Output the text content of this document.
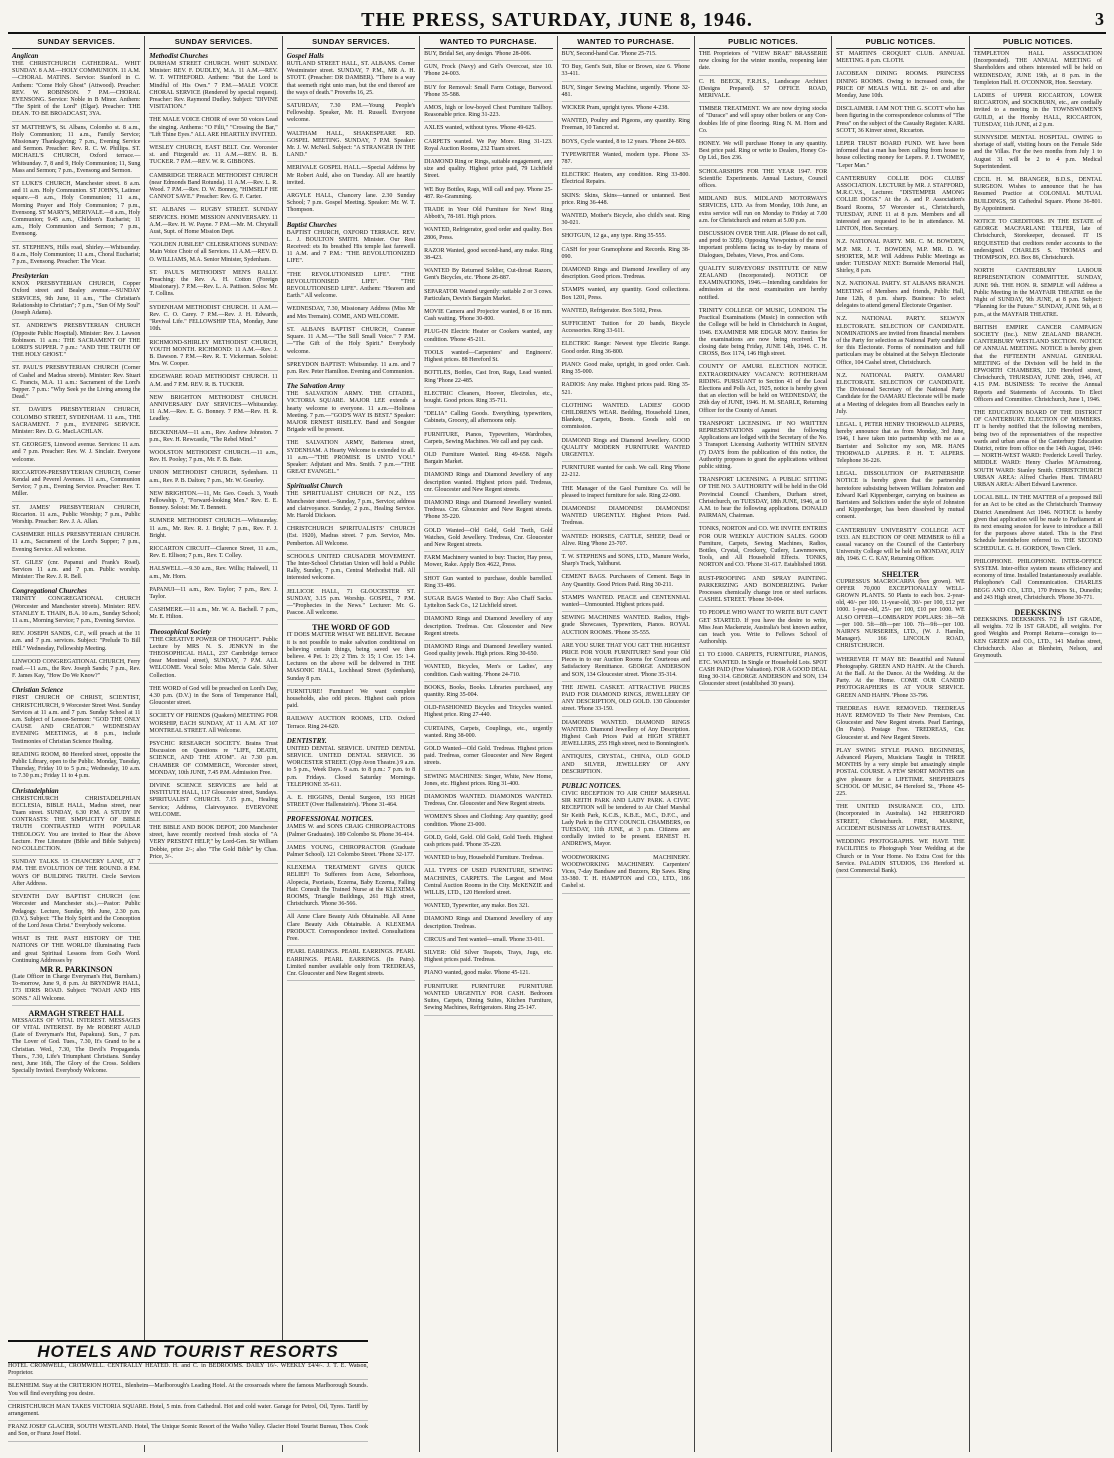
THE PRESS, SATURDAY, JUNE 8, 1946.	3
SUNDAY SERVICES.
Anglican
THE CHRISTCHURCH CATHEDRAL. WHIT SUNDAY. 8 A.M.—HOLY COMMUNION. 11 A.M.—CHORAL MATINS. Service: Stanford in C. Anthem: "Come Holy Ghost" (Attwood). Preacher: REV. W. ROBINSON. 7 P.M.—CHORAL EVENSONG. Service: Noble in B Minor. Anthem: "The Spirit of the Lord" (Elgar). Preacher: THE DEAN. TO BE BROADCAST, 3YA.
ST MATTHEW'S, St. Albans, Colombo st. 8 a.m., Holy Communion; 11 a.m., Family Service; Missionary Thanksgiving; 7 p.m., Evening Service and Sermon. Preacher: Rev. R. C. W. Phillips. ST. MICHAEL'S CHURCH, Oxford terrace.—Whitsunday. 7, 8 and 9, Holy Communion; 11, Sung Mass and Sermon; 7 p.m., Evensong and Sermon.
ST LUKE'S CHURCH, Manchester street. 8 a.m. and 11 a.m. Holy Communion. ST JOHN'S, Latimer square.—8 a.m., Holy Communion; 11 a.m., Morning Prayer and Holy Communion; 7 p.m., Evensong. ST MARY'S, MERIVALE.—8 a.m., Holy Communion; 9.45 a.m., Children's Eucharist; 11 a.m., Holy Communion and Sermon; 7 p.m., Evensong.
ST. STEPHEN'S, Hills road, Shirley.—Whitsunday. 8 a.m., Holy Communion; 11 a.m., Choral Eucharist; 7 p.m., Evensong. Preacher: The Vicar.
Presbyterian
KNOX PRESBYTERIAN CHURCH, Copper Oxford street and Bealey avenue.—SUNDAY SERVICES, 9th June, 11 a.m., "The Christian's Relationship to Christian"; 7 p.m., "Sun Of My Soul" (Joseph Adams).
ST. ANDREW'S PRESBYTERIAN CHURCH (Opposite Public Hospital). Minister: Rev. J. Lawson Robinson. 11 a.m.: THE SACRAMENT OF THE LORD'S SUPPER. 7 p.m.: "AND THE TRUTH OF THE HOLY GHOST."
ST. PAUL'S PRESBYTERIAN CHURCH (Corner of Cashel and Madras streets). Minister: Rev. Stuart C. Francis, M.A. 11 a.m.: Sacrament of the Lord's Supper. 7 p.m.: "Why Seek ye the Living among the Dead."
ST. DAVID'S PRESBYTERIAN CHURCH, COLOMBO STREET, SYDENHAM. 11 a.m., THE SACRAMENT. 7 p.m., EVENING SERVICE. Minister: Rev. D. G. MacLACHLAN.
ST. GEORGE'S, Linwood avenue. Services: 11 a.m. and 7 p.m. Preacher: Rev. W. J. Sinclair. Everyone welcome.
RICCARTON-PRESBYTERIAN CHURCH, Corner Kendal and Peverel Avenues. 11 a.m., Communion Service; 7 p.m., Evening Service. Preacher: Rev. T. Miller.
ST. JAMES' PRESBYTERIAN CHURCH, Riccarton. 11 a.m., Public Worship; 7 p.m., Public Worship. Preacher: Rev. J. A. Allan.
CASHMERE HILLS PRESBYTERIAN CHURCH. 11 a.m., Sacrament of the Lord's Supper; 7 p.m., Evening Service. All welcome.
ST. GILES' (cnr. Papanui and Frank's Road). Services 11 a.m. and 7 p.m. Public worship. Minister: The Rev. J. R. Bell.
Congregational Churches
TRINITY CONGREGATIONAL CHURCH (Worcester and Manchester streets). Minister: REV. STANLEY E. THAIN, B.A. 10 a.m., Sunday School; 11 a.m., Morning Service; 7 p.m., Evening Service.
REV. JOSEPH SANDS, C.F., will preach at the 11 a.m. and 7 p.m. services. Subject: "Prelude To Bill Hill." Wednesday, Fellowship Meeting.
LINWOOD CONGREGATIONAL CHURCH, Ferry road.—11 a.m., the Rev. Joseph Sands; 7 p.m., Rev. F. James Kay, "How Do We Know?"
Christian Science
FIRST CHURCH OF CHRIST, SCIENTIST, CHRISTCHURCH, 9 Worcester Street West. Sunday Services at 11 a.m. and 7 p.m. Sunday School at 11 a.m. Subject of Lesson-Sermon: "GOD THE ONLY CAUSE AND CREATOR." WEDNESDAY EVENING MEETINGS, at 8 p.m., include Testimonies of Christian Science Healing.
READING ROOM, 80 Hereford street, opposite the Public Library, open to the Public. Monday, Tuesday, Thursday, Friday 10 to 5 p.m.; Wednesday, 10 a.m. to 7.30 p.m.; Friday 11 to 4 p.m.
Christadelphian
CHRISTCHURCH CHRISTADELPHIAN ECCLESIA, BIBLE HALL, Madras street, near Tuam street. SUNDAY, 6.30 P.M. A STUDY IN CONTRASTS: THE SIMPLICITY OF BIBLE TRUTH CONTRASTED WITH POPULAR THEOLOGY. You are invited to Hear the Above Lecture. Free Literature (Bible and Bible Subjects) NO COLLECTION.
SUNDAY TALKS. 15 CHANCERY LANE, AT 7 P.M. THE EVOLUTION OF THE ROUND. 8 P.M. WAYS OF BUILDING TRUTH. Circle Services After Address.
SEVENTH DAY BAPTIST CHURCH (cnr. Worcester and Manchester sts.).—Pastor: Public Pedagogy. Lecture, Sunday, 9th June, 2.30 p.m. (D.V.). Subject: "The Holy Spirit and the Conception of the Lord Jesus Christ." Everybody welcome.
WHAT IS THE PAST HISTORY OF THE NATIONS OF THE WORLD? Illuminating Facts and great Spiritual Lessons from God's Word. Continuing Addresses by
MR R. PARKINSON
(Late Officer in Charge Everyman's Hut, Burnham.) To-morrow, June 9, 8 p.m. At BRYNDWR HALL, 173 IDRIS ROAD. Subject: "NOAH AND HIS SONS." All Welcome.
ARMAGH STREET HALL
MESSAGES OF VITAL INTEREST. MESSAGES OF VITAL INTEREST. By Mr ROBERT AULD (Late of Everyman's Hut, Papakura). Sun., 7 p.m. The Lover of God. Tues., 7.30, It's Grand to be a Christian. Wed., 7.30, The Devil's Propaganda. Thurs., 7.30, Life's Triumphant Christians. Sunday next, June 16th, The Glory of the Cross. Soldiers Specially Invited. Everybody Welcome.
SUNDAY SERVICES.
Methodist Churches
DURHAM STREET CHURCH. WHIT SUNDAY. Minister: REV. F. DUDLEY, M.A. 11 A.M.—REV. W. T. WITHEFORD. Anthem: "But the Lord is Mindful of His Own." 7 P.M.—MALE VOICE CHORAL SERVICE (Rendered by special request). Preacher: Rev. Raymond Dudley. Subject: "DIVINE VISITATION."
THE MALE VOICE CHOIR of over 50 voices Lead the singing. Anthems: "O Filii," "Crossing the Bar," "Lift Thine Eyes." ALL ARE HEARTILY INVITED.
WESLEY CHURCH, EAST BELT. Cnr. Worcester st. and Fitzgerald av. 11 A.M.—REV. R. B. TUCKER. 7 P.M.—REV. W. R. GIBBONS.
CAMBRIDGE TERRACE METHODIST CHURCH (near Edmonds Band Rotunda). 11 A.M.—Rev. L. R. Wood. 7 P.M.—Rev. D. W. Bonney, "HIMSELF HE CANNOT SAVE." Preacher: Rev. G. F. Carter.
ST. ALBANS — RUGBY STREET. SUNDAY SERVICES. HOME MISSION ANNIVERSARY. 11 A.M.—Rev. H. W. Payne. 7 P.M.—Mr. M. Chrystall Aust, Supt. of Home Mission Dept.
"GOLDEN JUBILEE" CELEBRATIONS SUNDAY: Main Voice Choir of all Services. 11 A.M.—REV. D. O. WILLIAMS, M.A. Senior Minister, Sydenham.
ST. PAUL'S METHODIST MEN'S RALLY. Preaching: the Rev. A. H. Cotton (Foreign Missionary). 7 P.M.—Rev. L. A. Pattison. Solos: Mr. T. Collins.
SYDENHAM METHODIST CHURCH. 11 A.M.—Rev. C. O. Carey. 7 P.M.—Rev. J. H. Edwards, "Revival Life." FELLOWSHIP TEA, Monday, June 10th.
RICHMOND-SHIRLEY METHODIST CHURCH, YOUTH MONTH. RICHMOND: 11 A.M.—Rev. J. B. Dawson. 7 P.M.—Rev. R. T. Vickerman. Soloist: Mrs. W. Cooper.
EDGEWARE ROAD METHODIST CHURCH. 11 A.M. and 7 P.M. REV. R. B. TUCKER.
NEW BRIGHTON METHODIST CHURCH. ANNIVERSARY DAY SERVICES—Whitsunday. 11 A.M.—Rev. E. G. Bonney. 7 P.M.—Rev. H. R. Leadley.
BECKENHAM—11 a.m., Rev. Andrew Johnston. 7 p.m., Rev. H. Rewcastle, "The Rebel Mind."
WOOLSTON METHODIST CHURCH.—11 a.m., Rev. H. Pooley; 7 p.m., Mr. F. B. Bate.
UNION METHODIST CHURCH, Sydenham. 11 a.m., Rev. P. B. Dalton; 7 p.m., Mr. W. Gourley.
NEW BRIGHTON.—11, Mr. Geo. Couch. 3, Youth Fellowship. 7, "Forward-looking Men." Rev. E. E. Bonney. Soloist: Mr. T. Bennett.
SUMNER METHODIST CHURCH.—Whitsunday. 11 a.m., Mr. Rev. R. J. Bright; 7 p.m., Rev. F. J. Bright.
RICCARTON CIRCUIT—Clarence Street, 11 a.m., Rev. E. Ellison; 7 p.m., Rev. T. Colley.
HALSWELL.—9.30 a.m., Rev. Willis; Halswell, 11 a.m., Mr. Horn.
PAPANUI—11 a.m., Rev. Taylor; 7 p.m., Rev. J. Taylor.
CASHMERE.—11 a.m., Mr. W. A. Bachell. 7 p.m., Mr. E. Hilton.
Theosophical Society
"THE CREATIVE POWER OF THOUGHT". Public Lecture by MRS N. S. JENKYN in the THEOSOPHICAL HALL, 237 Cambridge terrace (near Montreal street), SUNDAY, 7 P.M. ALL WELCOME. Vocal Solo: Miss Mercia Gale. Silver Collection.
THE WORD of God will be preached on Lord's Day, 4.30 p.m. (D.V.) in the Sons of Temperance Hall, Gloucester street.
SOCIETY OF FRIENDS (Quakers) MEETING FOR WORSHIP, EACH SUNDAY, AT 11 A.M. AT 107 MONTREAL STREET. All Welcome.
PSYCHIC RESEARCH SOCIETY. Brains Trust Discussion on Questions re "LIFE, DEATH, SCIENCE, AND THE ATOM". At 7.30 p.m. CHAMBER OF COMMERCE, Worcester street, MONDAY, 10th JUNE, 7.45 P.M. Admission Free.
DIVINE SCIENCE SERVICES are held at INSTITUTE HALL, 117 Gloucester street, Sundays. SPIRITUALIST CHURCH. 7.15 p.m., Healing Service; Address, Clairvoyance. EVERYONE WELCOME.
THE BIBLE AND BOOK DEPOT, 200 Manchester street, have recently received fresh stocks of "A VERY PRESENT HELP," by Lord-Gen. Sir William Dobbie, price 2/-; also "The Gold Bible" by Chas. Price, 3/-.
SUNDAY SERVICES.
Gospel Halls
RUTLAND STREET HALL, ST. ALBANS. Corner Westminster street. SUNDAY, 7 P.M., MR A. H. STOTT. (Preacher: DR DAMBER). "There is a way that seemeth right unto man, but the end thereof are the ways of death." Proverbs 16, 25.
SATURDAY, 7.30 P.M.—Young People's Fellowship. Speaker, Mr. H. Russell. Everyone welcome.
WALTHAM HALL, SHAKESPEARE RD. GOSPEL MEETING. SUNDAY, 7 P.M. Speaker: Mr. J. W. McNeil. Subject: "A STRANGER IN THE LAND."
MERIVALE GOSPEL HALL.—Special Address by Mr Robert Auld, also on Tuesday. All are heartily invited.
ARGYLE HALL, Chancery lane. 2.30 Sunday School; 7 p.m. Gospel Meeting. Speaker: Mr. W. T. Thompson.
Baptist Churches
BAPTIST CHURCH, OXFORD TERRACE. REV. L. J. BOULTON SMITH. Minister. Our Rest Received: ets Its breathed His temple last farewell. 11 A.M. and 7 P.M.: "THE REVOLUTIONIZED LIFE".
"THE REVOLUTIONISED LIFE". "THE REVOLUTIONISED LIFE". "THE REVOLUTIONISED LIFE". Anthem: "Heaven and Earth." All welcome.
WEDNESDAY, 7.30, Missionary Address (Miss Mr and Mrs Tremain). COME, AND WELCOME.
ST. ALBANS BAPTIST CHURCH, Cranmer Square. 11 A.M.—"The Still Small Voice." 7 P.M.—"The Gift of the Holy Spirit." Everybody welcome.
SPREYDON BAPTIST: Whitsunday. 11 a.m. and 7 p.m. Rev. Peter Hamilton. Evening and Communion.
The Salvation Army
THE SALVATION ARMY. THE CITADEL, VICTORIA SQUARE. MAJOR LEE extends a hearty welcome to everyone. 11 a.m.—Holiness Meeting. 7 p.m.—"GOD'S WAY IS BEST." Speaker: MAJOR ERNEST RISELEY. Band and Songster Brigade will be present.
THE SALVATION ARMY, Battersea street, SYDENHAM. A Hearty Welcome is extended to all. 11 a.m.—"THE PROMISE IS UNTO YOU." Speaker: Adjutant and Mrs. Smith. 7 p.m.—"THE GREAT EVANGEL."
Spiritualist Church
THE SPIRITUALIST CHURCH OF N.Z., 155 Manchester street.—Sunday, 7 p.m., Service; address and clairvoyance. Sunday, 2 p.m., Healing Service. Mr. Harold Dickson.
CHRISTCHURCH SPIRITUALISTS' CHURCH (Est. 1920), Madras street. 7 p.m. Service, Mrs. Pemberton. All Welcome.
SCHOOLS UNITED CRUSADER MOVEMENT. The Inter-School Christian Union will hold a Public Rally, Sunday, 7 p.m., Central Methodist Hall. All interested welcome.
JELLICOE HALL, 71 GLOUCESTER ST. SUNDAY, 3.15 p.m. Worship. GOSPEL, 7 P.M.—"Prophecies in the News." Lecturer: Mr. G. Pascoe. All welcome.
THE WORD OF GOD
IT DOES MATTER WHAT WE BELIEVE. Because it is not possible to make salvation conditional on believing certain things, being saved we then believe. 4 Pet. 1: 23; 2 Tim. 3: 15; 1 Cor. 15: 1-4. Lectures on the above will be delivered in THE MASONIC HALL, Lochhead Street (Sydenham), Sunday 8 p.m.
FURNITURE! Furniture! We want complete households, also odd pieces. Highest cash prices paid.
RAILWAY AUCTION ROOMS, LTD. Oxford Terrace. Ring 24-620.
DENTISTRY.
UNITED DENTAL SERVICE. UNITED DENTAL SERVICE. UNITED DENTAL SERVICE. 36 WORCESTER STREET. (Opp Avon Theatre.) 9 a.m. to 5 p.m., Week Days. 9 a.m. to 8 p.m.: 7 p.m. to 8 p.m. Fridays. Closed Saturday Mornings. TELEPHONE 35-611.
A. E. HIGGINS, Dental Surgeon, 193 HIGH STREET (Over Hallenstein's). 'Phone 31-464.
PROFESSIONAL NOTICES.
JAMES W. and SONS CRAIG CHIROPRACTORS (Palmer Graduates). 189 Colombo St. Phone 36-414.
JAMES YOUNG, CHIROPRACTOR (Graduate Palmer School). 121 Colombo Street. 'Phone 32-177.
KLEXEMA TREATMENT GIVES QUICK RELIEF! To Sufferers from Acne, Seborrhoea, Alopecia, Psoriasis, Eczema, Baby Eczema, Falling Hair. Consult the Trained Nurse at the KLEXEMA ROOMS, Triangle Buildings, 261 High street, Christchurch. 'Phone 36-566.
All Anne Clare Beauty Aids Obtainable. All Anne Clare Beauty Aids Obtainable. A KLEXEMA PRODUCT. Correspondence invited. Consultations Free.
PEARL EARRINGS. PEARL EARRINGS. PEARL EARRINGS. PEARL EARRINGS. (In Pairs). Limited number available only from TREDREAS, Cnr. Gloucester and New Regent streets.
WANTED TO PURCHASE.
BUY, Bridal Set, any design. 'Phone 28-006.
GUN, Frock (Navy) and Girl's Overcoat, size 10. 'Phone 24-003.
BUY for Removal: Small Farm Cottage, Burwood. 'Phone 35-588.
AMOS, high or low-boyed Chest Furniture Tallboy. Reasonable price. Ring 31-223.
AXLES wanted, without tyres. 'Phone 49-625.
CARPETS wanted. We Pay More. Ring 31-123. Royal Auction Rooms, 232 Tuam street.
DIAMOND Ring or Rings, suitable engagement, any size and quality. Highest price paid, 79 Lichfield Street.
WE Buy Bottles, Rags, Will call and pay. 'Phone 25-487. Re-Gramming.
TRADE in Your Old Furniture for New! Ring Abbott's, 78-181. High prices.
WANTED, Refrigerator, good order and quality. Box 2806, Press.
RAZOR Wanted, good second-hand, any make. Ring 38-423.
WANTED By Returned Soldier, Cut-throat Razors, Gent's Bicycles, etc. 'Phone 26-887.
SEPARATOR Wanted urgently: suitable 2 or 3 cows. Particulars, Devin's Bargain Market.
MOVIE Camera and Projector wanted, 8 or 16 mm. Cash waiting. 'Phone 30-800.
PLUG-IN Electric Heater or Cookers wanted, any condition. 'Phone 45-211.
TOOLS wanted—Carpenters' and Engineers'. Highest prices. 88 Hereford St.
BOTTLES, Bottles, Cast Iron, Rags, Lead wanted. Ring 'Phone 22-485.
ELECTRIC Cleaners, Hoover, Electrolux, etc., bought. Good prices. Ring 35-711.
"DELIA" Calling Goods. Everything, typewriters, Cabinets, Grocery, all afternoons only.
FURNITURE, Pianos, Typewriters, Wardrobes, Carpets, Sewing Machines. We call and pay cash.
OLD Furniture Wanted. Ring 49-658. Nigel's Bargain Market.
DIAMOND Rings and Diamond Jewellery of any description wanted. Highest prices paid. Tredreas, cnr. Gloucester and New Regent streets.
DIAMOND Rings and Diamond Jewellery wanted. Tredreas. Cnr. Gloucester and New Regent streets. 'Phone 35-220.
GOLD Wanted—Old Gold, Gold Teeth, Gold Watches, Gold Jewellery. Tredreas, Cnr. Gloucester and New Regent streets.
FARM Machinery wanted to buy: Tractor, Hay press, Mower, Rake. Apply Box 4622, Press.
SHOT Gun wanted to purchase, double barrelled. Ring 33-486.
SUGAR BAGS Wanted to Buy: Also Chaff Sacks. Lyttelton Sack Co., 12 Lichfield street.
DIAMOND Rings and Diamond Jewellery of any description. Tredreas. Cnr. Gloucester and New Regent streets.
DIAMOND Rings and Diamond Jewellery wanted. Good quality jewels. High prices. Ring 30-650.
WANTED, Bicycles, Men's or Ladies', any condition. Cash waiting. 'Phone 24-710.
BOOKS, Books, Books. Libraries purchased, any quantity. Ring 35-004.
OLD-FASHIONED Bicycles and Tricycles wanted. Highest price. Ring 27-440.
CURTAINS, Carpets, Couplings, etc., urgently wanted. Ring 38-000.
GOLD Wanted—Old Gold. Tredreas. Highest prices paid. Tredreas, corner Gloucester and New Regent streets.
SEWING MACHINES: Singer, White, New Home, Jones, etc. Highest prices. Ring 31-400.
DIAMONDS WANTED. DIAMONDS WANTED. Tredreas, Cnr. Gloucester and New Regent streets.
WOMEN'S Shoes and Clothing: Any quantity; good condition. 'Phone 23-000.
GOLD, Gold, Gold. Old Gold, Gold Teeth. Highest cash prices paid. 'Phone 35-220.
WANTED to buy, Household Furniture. Tredreas.
ALL TYPES OF USED FURNITURE, SEWING MACHINES, CARPETS. The Largest and Most Central Auction Rooms in the City. McKENZIE and WILLIS, LTD., 120 Hereford street.
WANTED, Typewriter, any make. Box 321.
DIAMOND Rings and Diamond Jewellery of any description. Tredreas.
CIRCUS and Tent wanted—small. 'Phone 33-011.
SILVER: Old Silver Teapots, Trays, Jugs, etc. Highest prices paid. Tredreas.
PIANO wanted, good make. 'Phone 45-121.
FURNITURE FURNITURE FURNITURE WANTED URGENTLY FOR CASH. Bedroom Suites, Carpets, Dining Suites, Kitchen Furniture, Sewing Machines, Refrigerators. Ring 25-147.
WANTED TO PURCHASE.
BUY, Second-hand Car. 'Phone 25-715.
TO Buy, Gent's Suit, Blue or Brown, size 6. 'Phone 33-411.
BUY, Singer Sewing Machine, urgently. 'Phone 32-481.
WICKER Pram, upright tyres. 'Phone 4-238.
WANTED, Poultry and Pigeons, any quantity. Ring Freeman, 10 Tancred st.
BOYS, Cycle wanted, 8 to 12 years. 'Phone 24-803.
TYPEWRITER Wanted, modern type. Phone 33-787.
ELECTRIC Heaters, any condition. Ring 33-800. Electrical Repairs.
SKINS: Skins, Skins—tanned or untanned. Best price. Ring 36-448.
WANTED, Mother's Bicycle, also child's seat. Ring 30-021.
SHOTGUN, 12 ga., any type. Ring 35-555.
CASH for your Gramophone and Records. Ring 38-090.
DIAMOND Rings and Diamond Jewellery of any description. Good prices. Tredreas.
STAMPS wanted, any quantity. Good collections. Box 1201, Press.
WANTED, Refrigerator. Box 5102, Press.
SUFFICIENT Tuition for 20 bands, Bicycle Accessories. Ring 33-611.
ELECTRIC Range: Newest type Electric Range. Good order. Ring 36-800.
PIANO: Good make, upright, in good order. Cash. Ring 35-000.
RADIOS: Any make. Highest prices paid. Ring 35-521.
CLOTHING WANTED. LADIES' GOOD CHILDREN'S WEAR. Bedding, Household Linen, Blankets, Carpets, Boots. Goods sold on commission.
DIAMOND Rings and Diamond Jewellery. GOOD QUALITY MODERN FURNITURE WANTED URGENTLY.
FURNITURE wanted for cash. We call. Ring 'Phone 22-212.
THE Manager of the Gaol Furniture Co. will be pleased to inspect furniture for sale. Ring 22-080.
DIAMONDS! DIAMONDS! DIAMONDS! WANTED URGENTLY. Highest Prices Paid. Tredreas.
WANTED: HORSES, CATTLE, SHEEP, Dead or Alive. Ring 'Phone 23-707.
T. W. STEPHENS and SONS, LTD., Manure Works, Sharp's Track, Yaldhurst.
CEMENT BAGS. Purchasers of Cement. Bags in Any Quantity. Good Prices Paid. Ring 30-211.
STAMPS WANTED. PEACE and CENTENNIAL wanted—Unmounted. Highest prices paid.
SEWING MACHINES WANTED. Radios, High-grade Showcases, Typewriters, Pianos. ROYAL AUCTION ROOMS. 'Phone 35-555.
ARE YOU SURE THAT YOU GET THE HIGHEST PRICE FOR YOUR FURNITURE? Send your Old Pieces in to our Auction Rooms for Courteous and Satisfactory Remittance. GEORGE ANDERSON and SON, 134 Gloucester street. 'Phone 35-314.
THE JEWEL CASKET. ATTRACTIVE PRICES PAID FOR DIAMOND RINGS, JEWELLERY OF ANY DESCRIPTION, OLD GOLD. 130 Gloucester street. 'Phone 33-150.
DIAMONDS WANTED. DIAMOND RINGS WANTED. Diamond Jewellery of Any Description. Highest Cash Prices Paid at HIGH STREET JEWELLERS, 255 High street, next to Bonnington's.
ANTIQUES, CRYSTAL, CHINA, OLD GOLD AND SILVER, JEWELLERY OF ANY DESCRIPTION.
PUBLIC NOTICES.
CIVIC RECEPTION TO AIR CHIEF MARSHAL SIR KEITH PARK AND LADY PARK. A CIVIC RECEPTION will be tendered to Air Chief Marshal Sir Keith Park, K.C.B., K.B.E., M.C., D.F.C., and Lady Park in the CITY COUNCIL CHAMBERS, on TUESDAY, 11th JUNE, at 3 p.m. Citizens are cordially invited to be present. ERNEST H. ANDREWS, Mayor.
WOODWORKING MACHINERY. WOODWORKING MACHINERY. Carpenters' Vices, 7-day Bandsaw and Buzzers, Rip Saws. Ring 33-380. T. H. HAMPTON and CO., LTD., 186 Cashel st.
PUBLIC NOTICES.
THE Proprietors of "VIEW BRAE" BRASSERIE now closing for the winter months, reopening later date.
C. H. BEECK, F.R.H.S., Landscape Architect (Designs Prepared). 57 OFFICE ROAD, MERIVALE.
TIMBER TREATMENT. We are now drying stocks of "Durace" and will spray other boilers or any Con-doubles life of pine flooring. Ring N. M. Horn and Co.
HONEY. We will purchase Honey in any quantity. Best price paid. Ring or write to Dealers, Honey Co-Op Ltd., Box 236.
SCHOLARSHIPS FOR THE YEAR 1947. FOR Scientific Experiments. Annual Lecture, Council offices.
MIDLAND BUS. MIDLAND MOTORWAYS SERVICES, LTD. As from Monday, 10th June, an extra service will run on Monday to Friday at 7.00 a.m. for Christchurch and return at 5.00 p.m.
DISCUSSION OVER THE AIR. (Please do not call, and prod to 3ZB). Opposing Viewpoints of the most important problems facing us to-day by means of Dialogues, Debates, Views, Pros. and Cons.
QUALITY SURVEYORS' INSTITUTE OF NEW ZEALAND (Incorporated). NOTICE OF EXAMINATIONS, 1946.—Intending candidates for admission at the next examination are hereby notified.
TRINITY COLLEGE OF MUSIC, LONDON. The Practical Examinations (Music) in connection with the College will be held in Christchurch in August, 1946. EXAMINER MR EDGAR MOY. Entries for the examinations are now being received. The closing date being Friday, JUNE 14th, 1946. C. H. CROSS, Box 1174, 146 High street.
COUNTY OF AMURI. ELECTION NOTICE. EXTRAORDINARY VACANCY: ROTHERHAM RIDING. PURSUANT to Section 41 of the Local Elections and Polls Act, 1925, notice is hereby given that an election will be held on WEDNESDAY, the 26th day of JUNE, 1946. H. M. SEARLE, Returning Officer for the County of Amuri.
TRANSPORT LICENSING. IF NO WRITTEN REPRESENTATIONS against the following Applications are lodged with the Secretary of the No. 3 Transport Licensing Authority WITHIN SEVEN (7) DAYS from the publication of this notice, the Authority proposes to grant the applications without public sitting.
TRANSPORT LICENSING. A PUBLIC SITTING OF THE NO. 3 AUTHORITY will be held in the Old Provincial Council Chambers, Durham street, Christchurch, on TUESDAY, 18th JUNE, 1946, at 10 A.M. to hear the following applications. DONALD PAIRMAN, Chairman.
TONKS, NORTON and CO. WE INVITE ENTRIES FOR OUR WEEKLY AUCTION SALES. GOOD Furniture, Carpets, Sewing Machines, Radios, Bottles, Crystal, Crockery, Cutlery, Lawnmowers, Tools, and All Household Effects. TONKS, NORTON and CO. 'Phone 31-617. Established 1868.
RUST-PROOFING AND SPRAY PAINTING. PARKERIZING AND BONDERIZING. Parker Processes chemically change iron or steel surfaces. CASHEL STREET. 'Phone 30-004.
TO PEOPLE WHO WANT TO WRITE BUT CAN'T GET STARTED. If you have the desire to write, Miss Jean Mackenzie, Australia's best known author, can teach you. Write to Fellows School of Authorship.
£1 TO £1000. CARPETS, FURNITURE, PIANOS, ETC. WANTED. In Single or Household Lots. SPOT CASH PAID (Free Valuation). FOR A GOOD DEAL Ring 30-314. GEORGE ANDERSON and SON, 134 Gloucester street (established 30 years).
PUBLIC NOTICES.
ST MARTIN'S CROQUET CLUB. ANNUAL MEETING. 8 p.m. CLOTH.
JACOBEAN DINING ROOMS. PRINCESS DINING ROOMS. Owing to increased costs, the PRICE OF MEALS WILL BE 2/- on and after Monday, June 10th.
DISCLAIMER. I AM NOT THE G. SCOTT who has been figuring in the correspondence columns of "The Press" on the subject of the Casualty Register. KARL SCOTT, 36 Kinver street, Riccarton.
LEPER TRUST BOARD FUND. WE have been informed that a man has been calling from house to house collecting money for Lepers. P. J. TWOMEY, "Leper Man."
CANTERBURY COLLIE DOG CLUBS' ASSOCIATION. LECTURE by MR. J. STAFFORD, M.R.C.V.S., Lecturer. "DISTEMPER AMONG COLLIE DOGS." At the A. and P. Association's Board Rooms, 57 Worcester st., Christchurch, TUESDAY, JUNE 11 at 8 p.m. Members and all interested are requested to be in attendance. M. LINTON, Hon. Secretary.
N.Z. NATIONAL PARTY. MR. C. M. BOWDEN, M.P. MR. J. T. BOWDEN, M.P. MR. D. W. SHORTER, M.P. Will Address Public Meetings as under: TUESDAY NEXT: Burnside Memorial Hall, Shirley, 8 p.m.
N.Z. NATIONAL PARTY. ST ALBANS BRANCH. MEETING of Members and friends, Public Hall, June 12th, 8 p.m. sharp. Business: To select delegates to attend general Electorate Organiser.
N.Z. NATIONAL PARTY. SELWYN ELECTORATE. SELECTION OF CANDIDATE. NOMINATIONS are invited from financial members of the Party for selection as National Party candidate for this Electorate. Forms of nomination and full particulars may be obtained at the Selwyn Electorate Office, 104 Cashel street, Christchurch.
N.Z. NATIONAL PARTY. OAMARU ELECTORATE. SELECTION OF CANDIDATE. The Divisional Secretary of the National Party Candidate for the OAMARU Electorate will be made at a Meeting of delegates from all Branches early in July.
LEGAL. I, PETER HENRY THORWALD ALPERS, hereby announce that as from Monday, 3rd June, 1946, I have taken into partnership with me as a Barrister and Solicitor my son, MR. HANS THORWALD ALPERS. P. H. T. ALPERS. Telephone 36-226.
LEGAL. DISSOLUTION OF PARTNERSHIP. NOTICE is hereby given that the partnership heretofore subsisting between William Johnston and Edward Karl Kippenberger, carrying on business as Barristers and Solicitors under the style of Johnston and Kippenberger, has been dissolved by mutual consent.
CANTERBURY UNIVERSITY COLLEGE ACT 1933. AN ELECTION OF ONE MEMBER to fill a casual vacancy on the Council of the Canterbury University College will be held on MONDAY, JULY 8th, 1946. C. C. KAY, Returning Officer.
SHELTER
CUPRESSUS MACROCARPA (box grown). WE OFFER 70,000 EXCEPTIONALLY WELL-GROWN PLANTS. 50 Plants to each box. 2-year-old, 40/- per 100. 11-year-old, 30/- per 100, £12 per 1000. 1-year-old, 25/- per 100, £10 per 1000. WE ALSO OFFER—LOMBARDY POPLARS: 3ft—5ft—per 100. 5ft—8ft—per 100. 7ft—9ft—per 100. NAIRN'S NURSERIES, LTD., (W. J. Hamlin, Manager). 166 LINCOLN ROAD, CHRISTCHURCH.
WHEREVER IT MAY BE: Beautiful and Natural Photography. GREEN AND HAHN. At the Church. At the Ball. At the Dance. At the Wedding. At the Party. At the Home. COME OUR CANDID PHOTOGRAPHERS IS AT YOUR SERVICE. GREEN AND HAHN. 'Phone 33-796.
TREDREAS HAVE REMOVED. TREDREAS HAVE REMOVED To Their New Premises, Cnr. Gloucester and New Regent streets. Pearl Earrings, (In Pairs). Postage Free. TREDREAS, Cnr. Gloucester st. and New Regent Streets.
PLAY SWING STYLE PIANO. BEGINNERS, Advanced Players, Musicians Taught in THREE MONTHS by a very simple but amazingly simple POSTAL COURSE. A FEW SHORT MONTHS can give pleasure for a LIFETIME. SHEPHERD'S SCHOOL OF MUSIC, 84 Hereford St., 'Phone 45-225.
THE UNITED INSURANCE CO., LTD. (Incorporated in Australia). 142 HEREFORD STREET, Christchurch. FIRE, MARINE, ACCIDENT BUSINESS AT LOWEST RATES.
WEDDING PHOTOGRAPHS. WE HAVE THE FACILITIES to Photograph Your Wedding at the Church or in Your Home. No Extra Cost for this Service. PALADIN STUDIOS, 136 Hereford st. (next Commercial Bank).
PUBLIC NOTICES.
TEMPLETON HALL ASSOCIATION (Incorporated). THE ANNUAL MEETING of Shareholders and others interested will be held on WEDNESDAY, JUNE 19th, at 8 p.m. in the Templeton Hall. H. O'CONNOR, Hon. Secretary.
LADIES of UPPER RICCARTON, LOWER RICCARTON, and SOCKBURN, etc., are cordially invited to a meeting in the TOWNSWOMEN'S GUILD, at the Hornby HALL, RICCARTON, TUESDAY, 11th JUNE, at 2 p.m.
SUNNYSIDE MENTAL HOSPITAL. OWING to shortage of staff, visiting hours on the Female Side and the Villas. For the two months from July 1 to August 31 will be 2 to 4 p.m. Medical Superintendent.
CECIL H. M. BRANGER, B.D.S., DENTAL SURGEON. Wishes to announce that he has Resumed Practice at COLONIAL MUTUAL BUILDINGS, 58 Cathedral Square. Phone 36-801. By Appointment.
NOTICE TO CREDITORS. IN THE ESTATE of GEORGE MACFARLANE TELFER, late of Christchurch, Storekeeper, deceased. IT IS REQUESTED that creditors render accounts to the undersigned. CHARLES S. THOMAS and THOMPSON, P.O. Box 86, Christchurch.
NORTH CANTERBURY LABOUR REPRESENTATION COMMITTEE. SUNDAY, JUNE 9th. THE HON. R. SEMPLE will Address a Public Meeting in the MAYFAIR THEATRE on the Night of SUNDAY, 9th JUNE, at 8 p.m. Subject: "Planning for the Future." SUNDAY, JUNE 9th, at 8 p.m., at the MAYFAIR THEATRE.
BRITISH EMPIRE CANCER CAMPAIGN SOCIETY (Inc.). NEW ZEALAND BRANCH. CANTERBURY WESTLAND SECTION. NOTICE OF ANNUAL MEETING. NOTICE is hereby given that the FIFTEENTH ANNUAL GENERAL MEETING of the Division will be held in the EPWORTH CHAMBERS, 120 Hereford street, Christchurch, THURSDAY, JUNE 20th, 1946, AT 4.15 P.M. BUSINESS: To receive the Annual Reports and Statements of Accounts. To Elect Officers and Committee. Christchurch, June 1, 1946.
THE EDUCATION BOARD OF THE DISTRICT OF CANTERBURY. ELECTION OF MEMBERS. IT is hereby notified that the following members, being two of the representatives of the respective wards and urban areas of the Canterbury Education District, retire from office on the 14th August, 1946:— NORTH-WEST WARD: Frederick Lovell Turley. MIDDLE WARD: Henry Charles M'Armstrong. SOUTH WARD: Stanley Smith. CHRISTCHURCH URBAN AREA: Alfred Charles Hunt. TIMARU URBAN AREA: Albert Edward Lawrence.
LOCAL BILL. IN THE MATTER of a proposed Bill for an Act to be cited as the Christchurch Tramway District Amendment Act 1946. NOTICE is hereby given that application will be made to Parliament at its next ensuing session for leave to introduce a Bill for the purposes above stated. This is the First Schedule hereinbefore referred to. THE SECOND SCHEDULE. G. H. GORDON, Town Clerk.
PHILOPHONE. PHILOPHONE. INTER-OFFICE SYSTEM. Inter-office system means efficiency and economy of time. Installed Instantaneously available. Philophone's Call Communication. CHARLES BEGG AND CO., LTD., 170 Princes St., Dunedin; and 243 High street, Christchurch. 'Phone 30-771.
DEEKSKINS
DEEKSKINS. DEEKSKINS. 7/2 lb 1ST GRADE, all weights. 7/2 lb 1ST GRADE, all weights. For good Weights and Prompt Returns—consign to—KEN GREEN and CO., LTD., 141 Madras street, Christchurch. Also at Blenheim, Nelson, and Greymouth.
HOTELS AND TOURIST RESORTS
HOTEL CROMWELL, CROMWELL. CENTRALLY HEATED. H. and C. in BEDROOMS. DAILY 16/-. WEEKLY £4/4/-. J. T. E. Watson, Proprietor.
BLENHEIM. Stay at the CRITERION HOTEL, Blenheim—Marlborough's Leading Hotel. At the crossroads where the famous Marlborough Sounds. You will find everything you desire.
CHRISTCHURCH MAN TAKES VICTORIA SQUARE. Hotel, 5 min. from Cathedral. Hot and cold water. Garage for Petrol, Oil, Tyres. Tariff by arrangement.
FRANZ JOSEF GLACIER, SOUTH WESTLAND. Hotel, The Unique Scenic Resort of the Waiho Valley. Glacier Hotel Tourist Bureau, Thos. Cook and Son, or Franz Josef Hotel.
